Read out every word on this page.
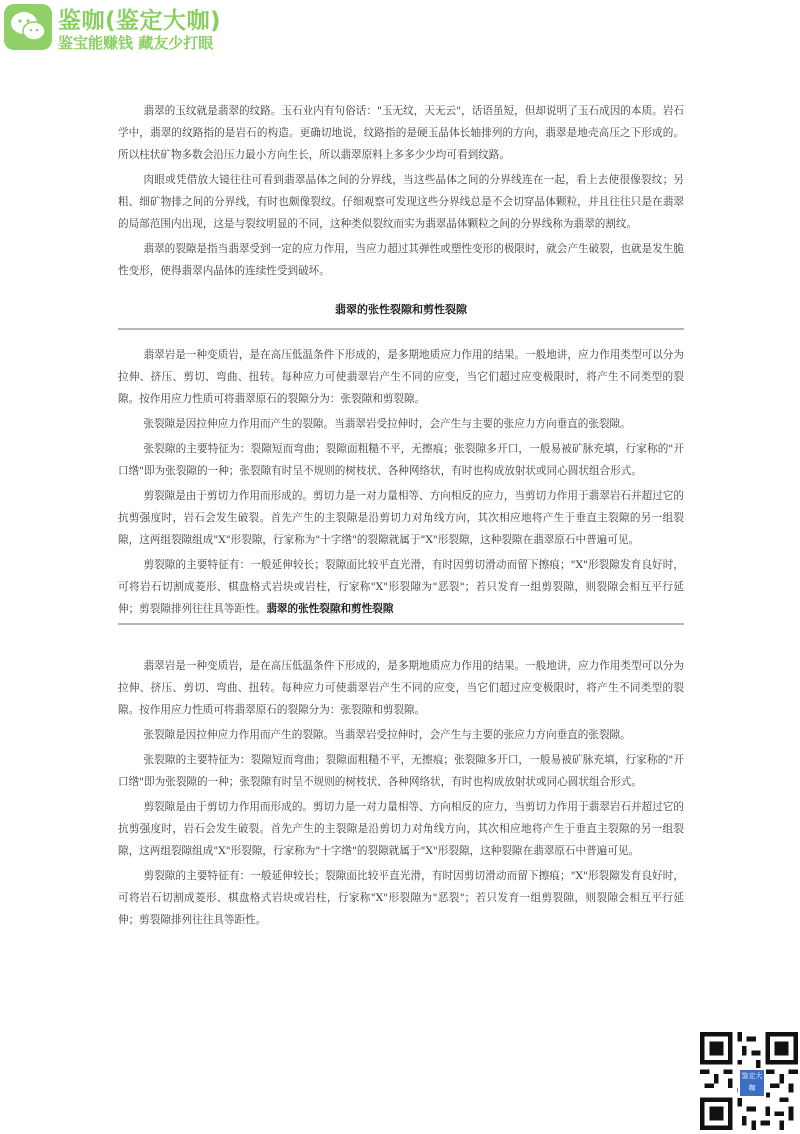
鉴咖(鉴定大咖)
鉴宝能赚钱 藏友少打眼

翡翠的玉纹就是翡翠的纹路。玉石业内有句俗话："玉无纹，天无云"，话语虽短，但却说明了玉石成因的本质。岩石学中，翡翠的纹路指的是岩石的构造。更确切地说，纹路指的是硬玉晶体长轴排列的方向，翡翠是地壳高压之下形成的。所以柱状矿物多数会沿压力最小方向生长，所以翡翠原料上多多少少均可看到纹路。

肉眼或凭借放大镜往往可看到翡翠晶体之间的分界线，当这些晶体之间的分界线连在一起，看上去使很像裂纹；另粗、细矿物排之间的分界线，有时也颇像裂纹。仔细观察可发现这些分界线总是不会切穿晶体颗粒，并且往往只是在翡翠的局部范围内出现，这是与裂纹明显的不同，这种类似裂纹而实为翡翠晶体颗粒之间的分界线称为翡翠的割纹。

翡翠的裂隙是指当翡翠受到一定的应力作用，当应力超过其弹性或塑性变形的极限时，就会产生破裂，也就是发生脆性变形，使得翡翠内晶体的连续性受到破坏。

翡翠的张性裂隙和剪性裂隙

翡翠岩是一种变质岩，是在高压低温条件下形成的，是多期地质应力作用的结果。一般地讲，应力作用类型可以分为拉伸、挤压、剪切、弯曲、扭转。每种应力可使翡翠岩产生不同的应变，当它们超过应变极限时，将产生不同类型的裂隙。按作用应力性质可将翡翠原石的裂隙分为：张裂隙和剪裂隙。

张裂隙是因拉伸应力作用而产生的裂隙。当翡翠岩受拉伸时，会产生与主要的张应力方向垂直的张裂隙。

张裂隙的主要特征为：裂隙短而弯曲；裂隙面粗糙不平，无擦痕；张裂隙多开口，一般易被矿脉充填，行家称的"开口绺"即为张裂隙的一种；张裂隙有时呈不规则的树枝状、各种网络状，有时也构成放射状或同心圆状组合形式。

剪裂隙是由于剪切力作用而形成的。剪切力是一对力量相等、方向相反的应力，当剪切力作用于翡翠岩石并超过它的抗剪强度时，岩石会发生破裂。首先产生的主裂隙是沿剪切力对角线方向，其次相应地将产生于垂直主裂隙的另一组裂隙，这两组裂隙组成"X"形裂隙，行家称为"十字绺"的裂隙就属于"X"形裂隙，这种裂隙在翡翠原石中普遍可见。

剪裂隙的主要特征有：一般延伸较长；裂隙面比较平直光滑，有时因剪切滑动而留下擦痕；"X"形裂隙发育良好时，可将岩石切割成菱形、棋盘格式岩块或岩柱，行家称"X"形裂隙为"恶裂"；若只发育一组剪裂隙，则裂隙会相互平行延伸；剪裂隙排列往往具等距性。翡翠的张性裂隙和剪性裂隙

翡翠岩是一种变质岩，是在高压低温条件下形成的，是多期地质应力作用的结果。一般地讲，应力作用类型可以分为拉伸、挤压、剪切、弯曲、扭转。每种应力可使翡翠岩产生不同的应变，当它们超过应变极限时，将产生不同类型的裂隙。按作用应力性质可将翡翠原石的裂隙分为：张裂隙和剪裂隙。

张裂隙是因拉伸应力作用而产生的裂隙。当翡翠岩受拉伸时，会产生与主要的张应力方向垂直的张裂隙。

张裂隙的主要特征为：裂隙短而弯曲；裂隙面粗糙不平，无擦痕；张裂隙多开口，一般易被矿脉充填，行家称的"开口绺"即为张裂隙的一种；张裂隙有时呈不规则的树枝状、各种网络状，有时也构成放射状或同心圆状组合形式。

剪裂隙是由于剪切力作用而形成的。剪切力是一对力量相等、方向相反的应力，当剪切力作用于翡翠岩石并超过它的抗剪强度时，岩石会发生破裂。首先产生的主裂隙是沿剪切力对角线方向，其次相应地将产生于垂直主裂隙的另一组裂隙，这两组裂隙组成"X"形裂隙，行家称为"十字绺"的裂隙就属于"X"形裂隙，这种裂隙在翡翠原石中普遍可见。

剪裂隙的主要特征有：一般延伸较长；裂隙面比较平直光滑，有时因剪切滑动而留下擦痕；"X"形裂隙发育良好时，可将岩石切割成菱形、棋盘格式岩块或岩柱，行家称"X"形裂隙为"恶裂"；若只发育一组剪裂隙，则裂隙会相互平行延伸；剪裂隙排列往往具等距性。

鉴定大咖
